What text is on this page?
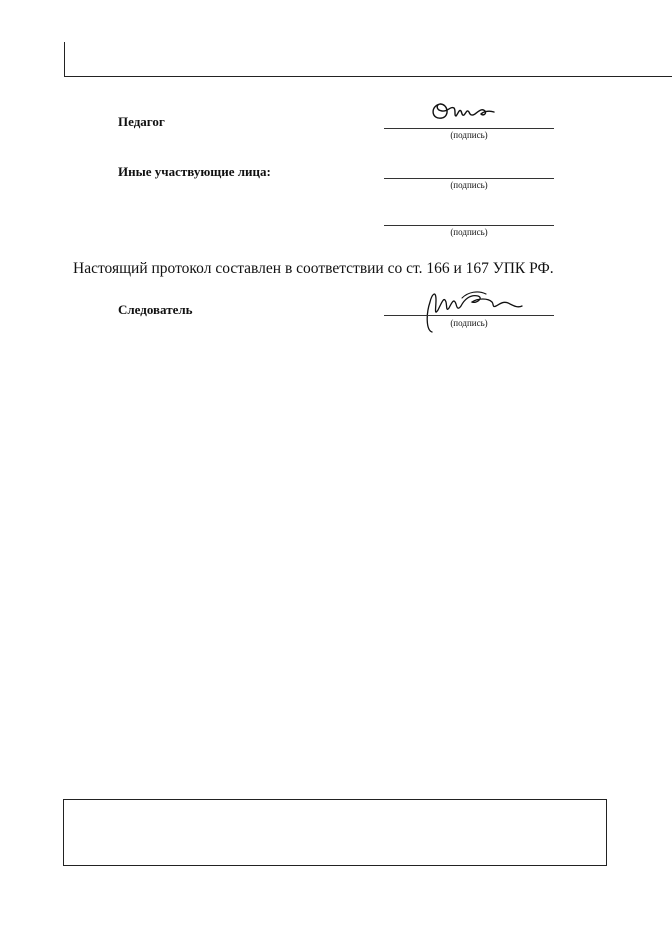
Педагог
(подпись)
Иные участвующие лица:
(подпись)
(подпись)
Настоящий протокол составлен в соответствии со ст. 166 и 167 УПК РФ.
Следователь
(подпись)
